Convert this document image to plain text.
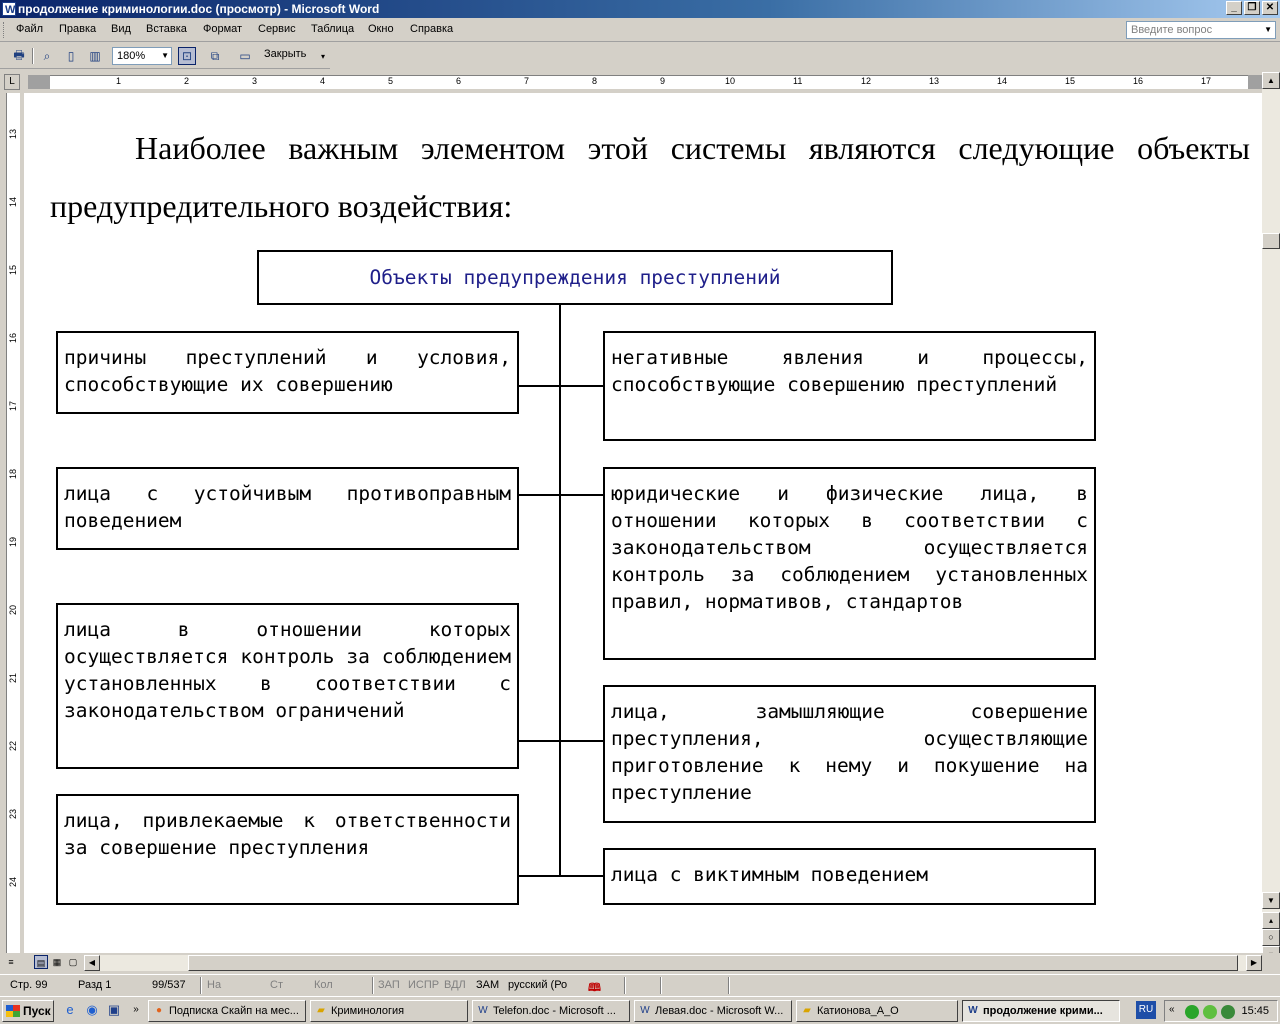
W
продолжение криминологии.doc (просмотр) - Microsoft Word	_	❐ ✕
Файл Правка Вид Вставка Формат Сервис Таблица Окно Справка	Введите вопрос	▼
🖶	⌕	▯	▥	180% ▼	⊡	⧉	▭	Закрыть	▾
L	1	2	3	4	5	6	7	8	9	10	11	12	13	14	15	16	17
13
14
15
16
17
18
19
20
21
22
23
24

Наиболее важным элементом этой системы являются следующие объекты предупредительного воздействия:

Объекты предупреждения преступлений
причины преступлений и условия, способствующие их совершению
лица с устойчивым противоправным поведением
лица в отношении которых осуществляется контроль за соблюдением установленных в соответствии с законодательством ограничений
лица, привлекаемые к ответственности за совершение преступления
негативные явления и процессы, способствующие совершению преступлений
юридические и физические лица, в отношении которых в соответствии с законодательством осуществляется контроль за соблюдением установленных правил, нормативов, стандартов
лица, замышляющие совершение преступления, осуществляющие приготовление к нему и покушение на преступление
лица с виктимным поведением
▲
▼
▴
○
≡	▤ ▦ ▢	◀	▶
Стр. 99	Разд 1	99/537 На	Ст	Кол	ЗАП ИСПР ВДЛ ЗАМ русский (Ро 🕮
Пуск	e ◉ ▣	»	● Подписка Скайп на мес...	▰ Криминология	W Telefon.doc - Microsoft ...	W Левая.doc - Microsoft W...	▰ Катионова_А_О	W продолжение крими...	RU «	15:45
